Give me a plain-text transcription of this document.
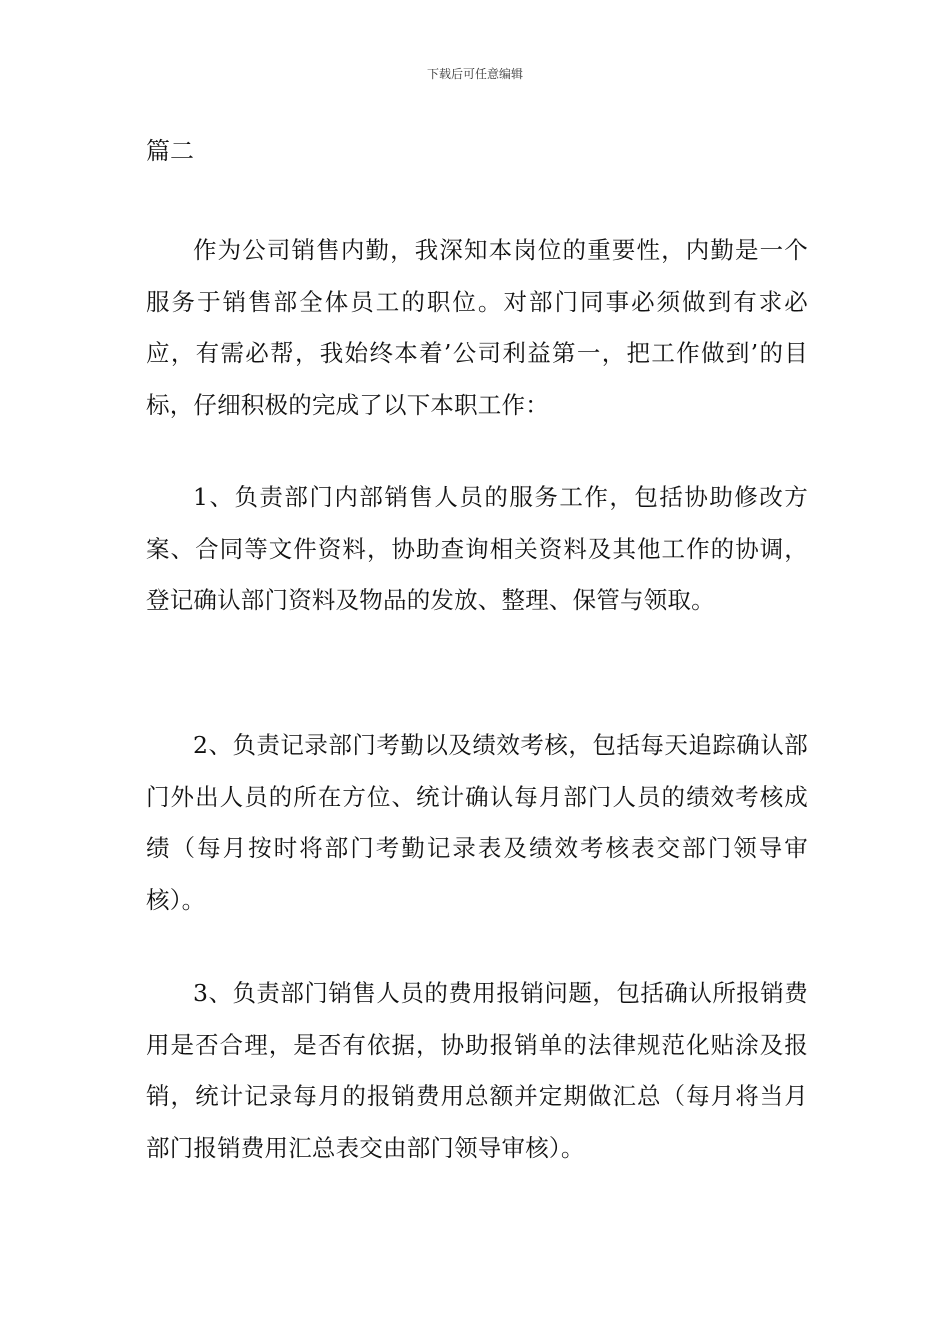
下载后可任意编辑
篇二

作为公司销售内勤，我深知本岗位的重要性，内勤是一个服务于销售部全体员工的职位。对部门同事必须做到有求必应，有需必帮，我始终本着’公司利益第一，把工作做到’的目标，仔细积极的完成了以下本职工作：

1、负责部门内部销售人员的服务工作，包括协助修改方案、合同等文件资料，协助查询相关资料及其他工作的协调，登记确认部门资料及物品的发放、整理、保管与领取。

2、负责记录部门考勤以及绩效考核，包括每天追踪确认部门外出人员的所在方位、统计确认每月部门人员的绩效考核成绩（每月按时将部门考勤记录表及绩效考核表交部门领导审核）。

3、负责部门销售人员的费用报销问题，包括确认所报销费用是否合理，是否有依据，协助报销单的法律规范化贴涂及报销，统计记录每月的报销费用总额并定期做汇总（每月将当月部门报销费用汇总表交由部门领导审核）。
